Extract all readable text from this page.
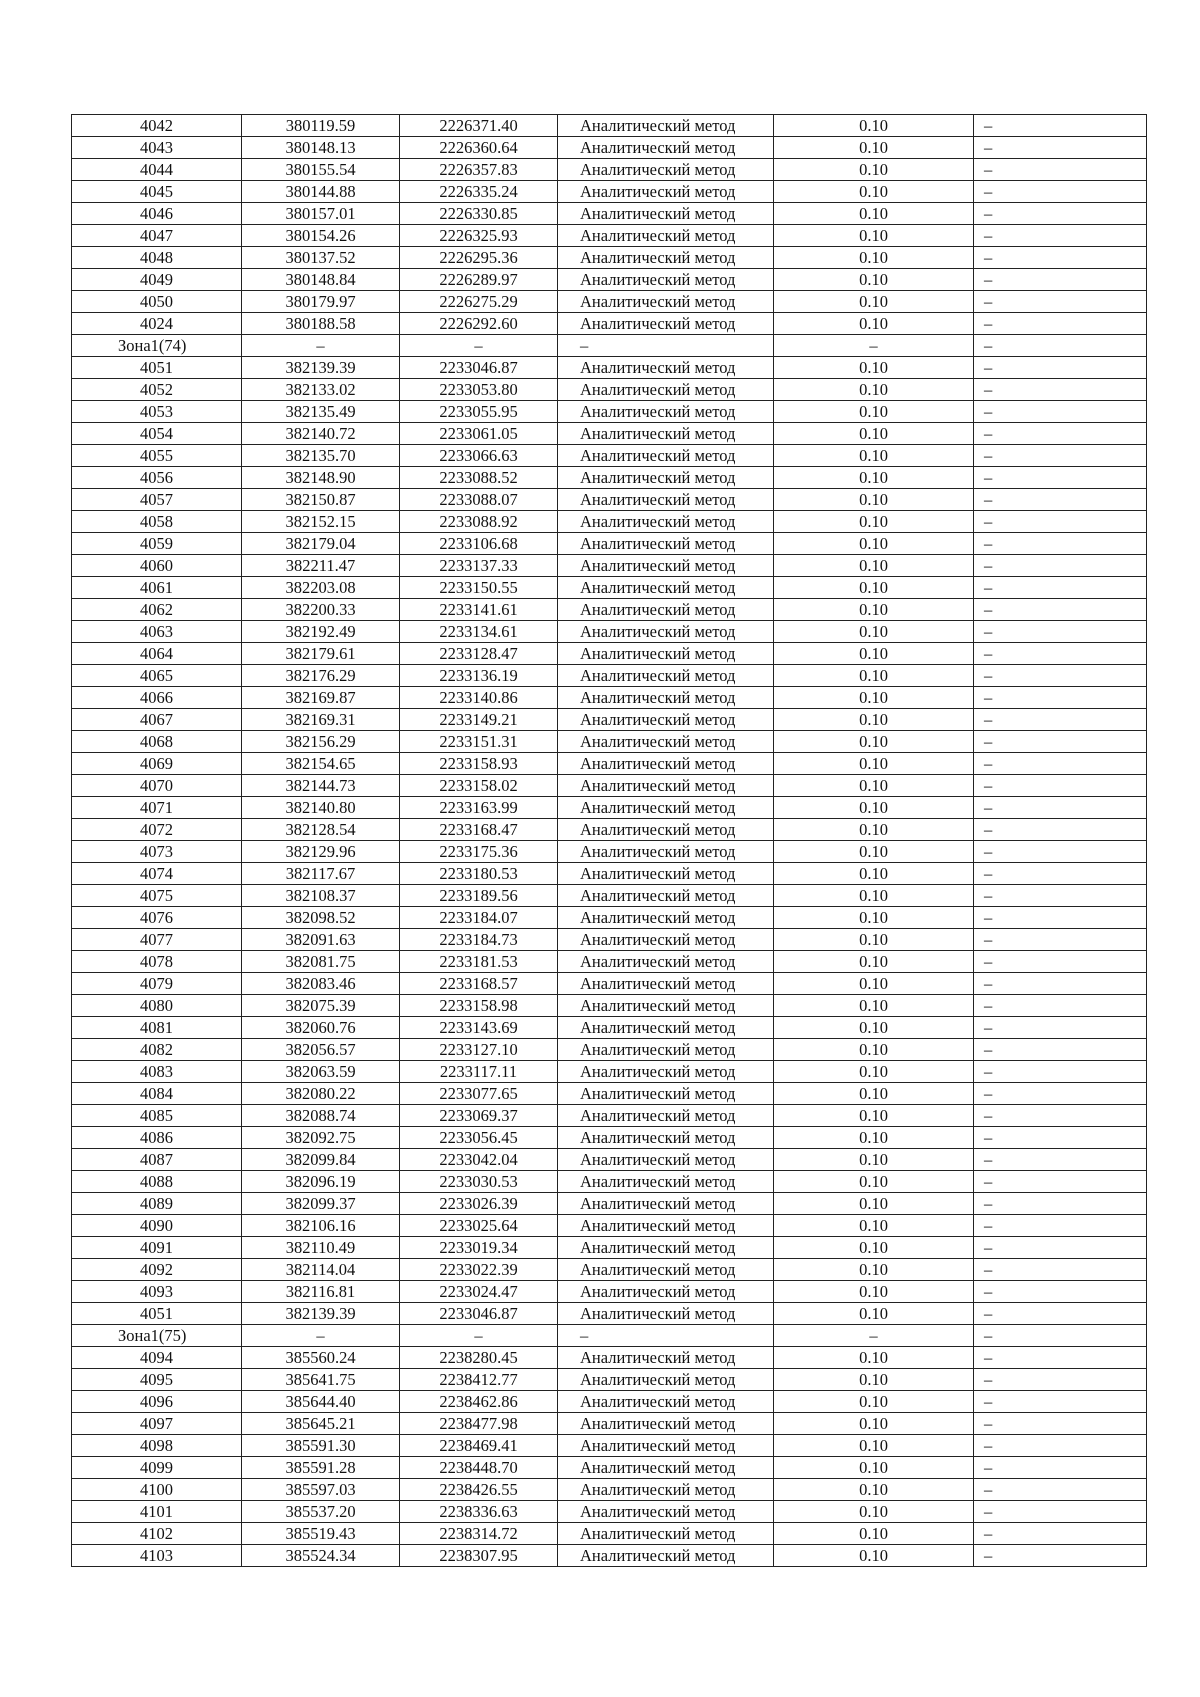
4042	380119.59	2226371.40	Аналитический метод	0.10	–
4043	380148.13	2226360.64	Аналитический метод	0.10	–
4044	380155.54	2226357.83	Аналитический метод	0.10	–
4045	380144.88	2226335.24	Аналитический метод	0.10	–
4046	380157.01	2226330.85	Аналитический метод	0.10	–
4047	380154.26	2226325.93	Аналитический метод	0.10	–
4048	380137.52	2226295.36	Аналитический метод	0.10	–
4049	380148.84	2226289.97	Аналитический метод	0.10	–
4050	380179.97	2226275.29	Аналитический метод	0.10	–
4024	380188.58	2226292.60	Аналитический метод	0.10	–
Зона1(74)	–	–	–	–	–
4051	382139.39	2233046.87	Аналитический метод	0.10	–
4052	382133.02	2233053.80	Аналитический метод	0.10	–
4053	382135.49	2233055.95	Аналитический метод	0.10	–
4054	382140.72	2233061.05	Аналитический метод	0.10	–
4055	382135.70	2233066.63	Аналитический метод	0.10	–
4056	382148.90	2233088.52	Аналитический метод	0.10	–
4057	382150.87	2233088.07	Аналитический метод	0.10	–
4058	382152.15	2233088.92	Аналитический метод	0.10	–
4059	382179.04	2233106.68	Аналитический метод	0.10	–
4060	382211.47	2233137.33	Аналитический метод	0.10	–
4061	382203.08	2233150.55	Аналитический метод	0.10	–
4062	382200.33	2233141.61	Аналитический метод	0.10	–
4063	382192.49	2233134.61	Аналитический метод	0.10	–
4064	382179.61	2233128.47	Аналитический метод	0.10	–
4065	382176.29	2233136.19	Аналитический метод	0.10	–
4066	382169.87	2233140.86	Аналитический метод	0.10	–
4067	382169.31	2233149.21	Аналитический метод	0.10	–
4068	382156.29	2233151.31	Аналитический метод	0.10	–
4069	382154.65	2233158.93	Аналитический метод	0.10	–
4070	382144.73	2233158.02	Аналитический метод	0.10	–
4071	382140.80	2233163.99	Аналитический метод	0.10	–
4072	382128.54	2233168.47	Аналитический метод	0.10	–
4073	382129.96	2233175.36	Аналитический метод	0.10	–
4074	382117.67	2233180.53	Аналитический метод	0.10	–
4075	382108.37	2233189.56	Аналитический метод	0.10	–
4076	382098.52	2233184.07	Аналитический метод	0.10	–
4077	382091.63	2233184.73	Аналитический метод	0.10	–
4078	382081.75	2233181.53	Аналитический метод	0.10	–
4079	382083.46	2233168.57	Аналитический метод	0.10	–
4080	382075.39	2233158.98	Аналитический метод	0.10	–
4081	382060.76	2233143.69	Аналитический метод	0.10	–
4082	382056.57	2233127.10	Аналитический метод	0.10	–
4083	382063.59	2233117.11	Аналитический метод	0.10	–
4084	382080.22	2233077.65	Аналитический метод	0.10	–
4085	382088.74	2233069.37	Аналитический метод	0.10	–
4086	382092.75	2233056.45	Аналитический метод	0.10	–
4087	382099.84	2233042.04	Аналитический метод	0.10	–
4088	382096.19	2233030.53	Аналитический метод	0.10	–
4089	382099.37	2233026.39	Аналитический метод	0.10	–
4090	382106.16	2233025.64	Аналитический метод	0.10	–
4091	382110.49	2233019.34	Аналитический метод	0.10	–
4092	382114.04	2233022.39	Аналитический метод	0.10	–
4093	382116.81	2233024.47	Аналитический метод	0.10	–
4051	382139.39	2233046.87	Аналитический метод	0.10	–
Зона1(75)	–	–	–	–	–
4094	385560.24	2238280.45	Аналитический метод	0.10	–
4095	385641.75	2238412.77	Аналитический метод	0.10	–
4096	385644.40	2238462.86	Аналитический метод	0.10	–
4097	385645.21	2238477.98	Аналитический метод	0.10	–
4098	385591.30	2238469.41	Аналитический метод	0.10	–
4099	385591.28	2238448.70	Аналитический метод	0.10	–
4100	385597.03	2238426.55	Аналитический метод	0.10	–
4101	385537.20	2238336.63	Аналитический метод	0.10	–
4102	385519.43	2238314.72	Аналитический метод	0.10	–
4103	385524.34	2238307.95	Аналитический метод	0.10	–
